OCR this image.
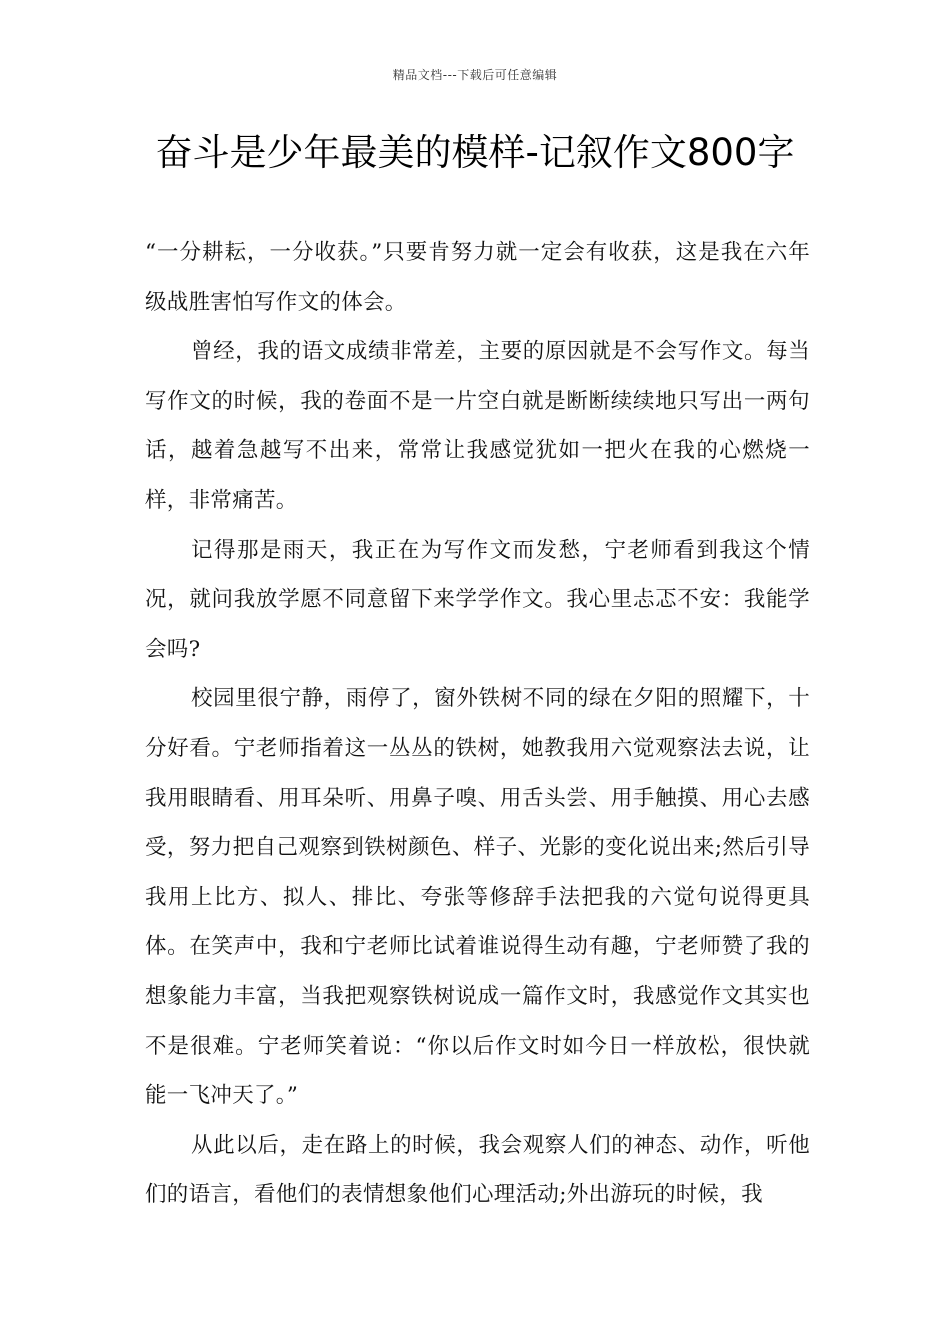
精品文档---下载后可任意编辑
奋斗是少年最美的模样-记叙作文800字

“一分耕耘，一分收获。”只要肯努力就一定会有收获，这是我在六年级战胜害怕写作文的体会。

曾经，我的语文成绩非常差，主要的原因就是不会写作文。每当写作文的时候，我的卷面不是一片空白就是断断续续地只写出一两句话，越着急越写不出来，常常让我感觉犹如一把火在我的心燃烧一样，非常痛苦。

记得那是雨天，我正在为写作文而发愁，宁老师看到我这个情况，就问我放学愿不同意留下来学学作文。我心里忐忑不安：我能学会吗?

校园里很宁静，雨停了，窗外铁树不同的绿在夕阳的照耀下，十分好看。宁老师指着这一丛丛的铁树，她教我用六觉观察法去说，让我用眼睛看、用耳朵听、用鼻子嗅、用舌头尝、用手触摸、用心去感受，努力把自己观察到铁树颜色、样子、光影的变化说出来;然后引导我用上比方、拟人、排比、夸张等修辞手法把我的六觉句说得更具体。在笑声中，我和宁老师比试着谁说得生动有趣，宁老师赞了我的想象能力丰富，当我把观察铁树说成一篇作文时，我感觉作文其实也不是很难。宁老师笑着说：“你以后作文时如今日一样放松，很快就能一飞冲天了。”

从此以后，走在路上的时候，我会观察人们的神态、动作，听他们的语言，看他们的表情想象他们心理活动;外出游玩的时候，我
